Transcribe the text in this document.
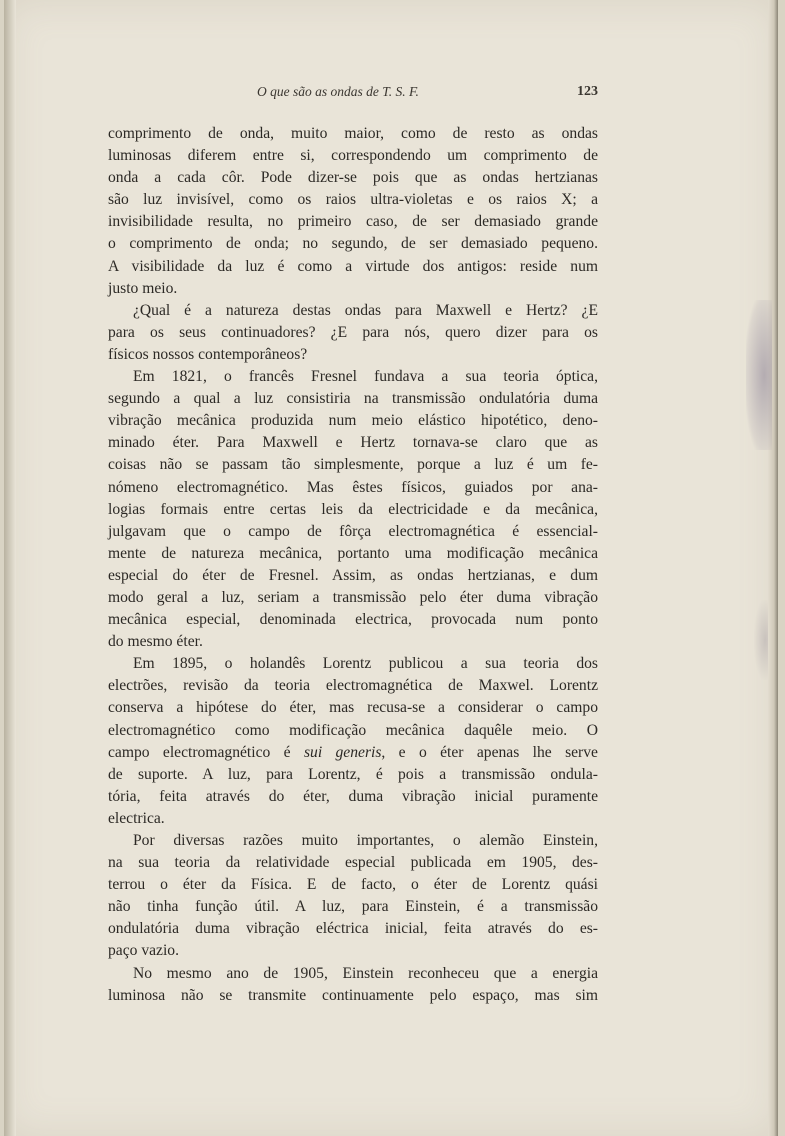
O que são as ondas de T. S. F.	123

comprimento de onda, muito maior, como de resto as ondas

luminosas diferem entre si, correspondendo um comprimento de

onda a cada côr. Pode dizer-se pois que as ondas hertzianas

são luz invisível, como os raios ultra-violetas e os raios X; a

invisibilidade resulta, no primeiro caso, de ser demasiado grande

o comprimento de onda; no segundo, de ser demasiado pequeno.

A visibilidade da luz é como a virtude dos antigos: reside num

justo meio.

¿Qual é a natureza destas ondas para Maxwell e Hertz? ¿E

para os seus continuadores? ¿E para nós, quero dizer para os

físicos nossos contemporâneos?

Em 1821, o francês Fresnel fundava a sua teoria óptica,

segundo a qual a luz consistiria na transmissão ondulatória duma

vibração mecânica produzida num meio elástico hipotético, deno-

minado éter. Para Maxwell e Hertz tornava-se claro que as

coisas não se passam tão simplesmente, porque a luz é um fe-

nómeno electromagnético. Mas êstes físicos, guiados por ana-

logias formais entre certas leis da electricidade e da mecânica,

julgavam que o campo de fôrça electromagnética é essencial-

mente de natureza mecânica, portanto uma modificação mecânica

especial do éter de Fresnel. Assim, as ondas hertzianas, e dum

modo geral a luz, seriam a transmissão pelo éter duma vibração

mecânica especial, denominada electrica, provocada num ponto

do mesmo éter.

Em 1895, o holandês Lorentz publicou a sua teoria dos

electrões, revisão da teoria electromagnética de Maxwel. Lorentz

conserva a hipótese do éter, mas recusa-se a considerar o campo

electromagnético como modificação mecânica daquêle meio. O

campo electromagnético é sui generis, e o éter apenas lhe serve

de suporte. A luz, para Lorentz, é pois a transmissão ondula-

tória, feita através do éter, duma vibração inicial puramente

electrica.

Por diversas razões muito importantes, o alemão Einstein,

na sua teoria da relatividade especial publicada em 1905, des-

terrou o éter da Física. E de facto, o éter de Lorentz quási

não tinha função útil. A luz, para Einstein, é a transmissão

ondulatória duma vibração eléctrica inicial, feita através do es-

paço vazio.

No mesmo ano de 1905, Einstein reconheceu que a energia

luminosa não se transmite continuamente pelo espaço, mas sim
